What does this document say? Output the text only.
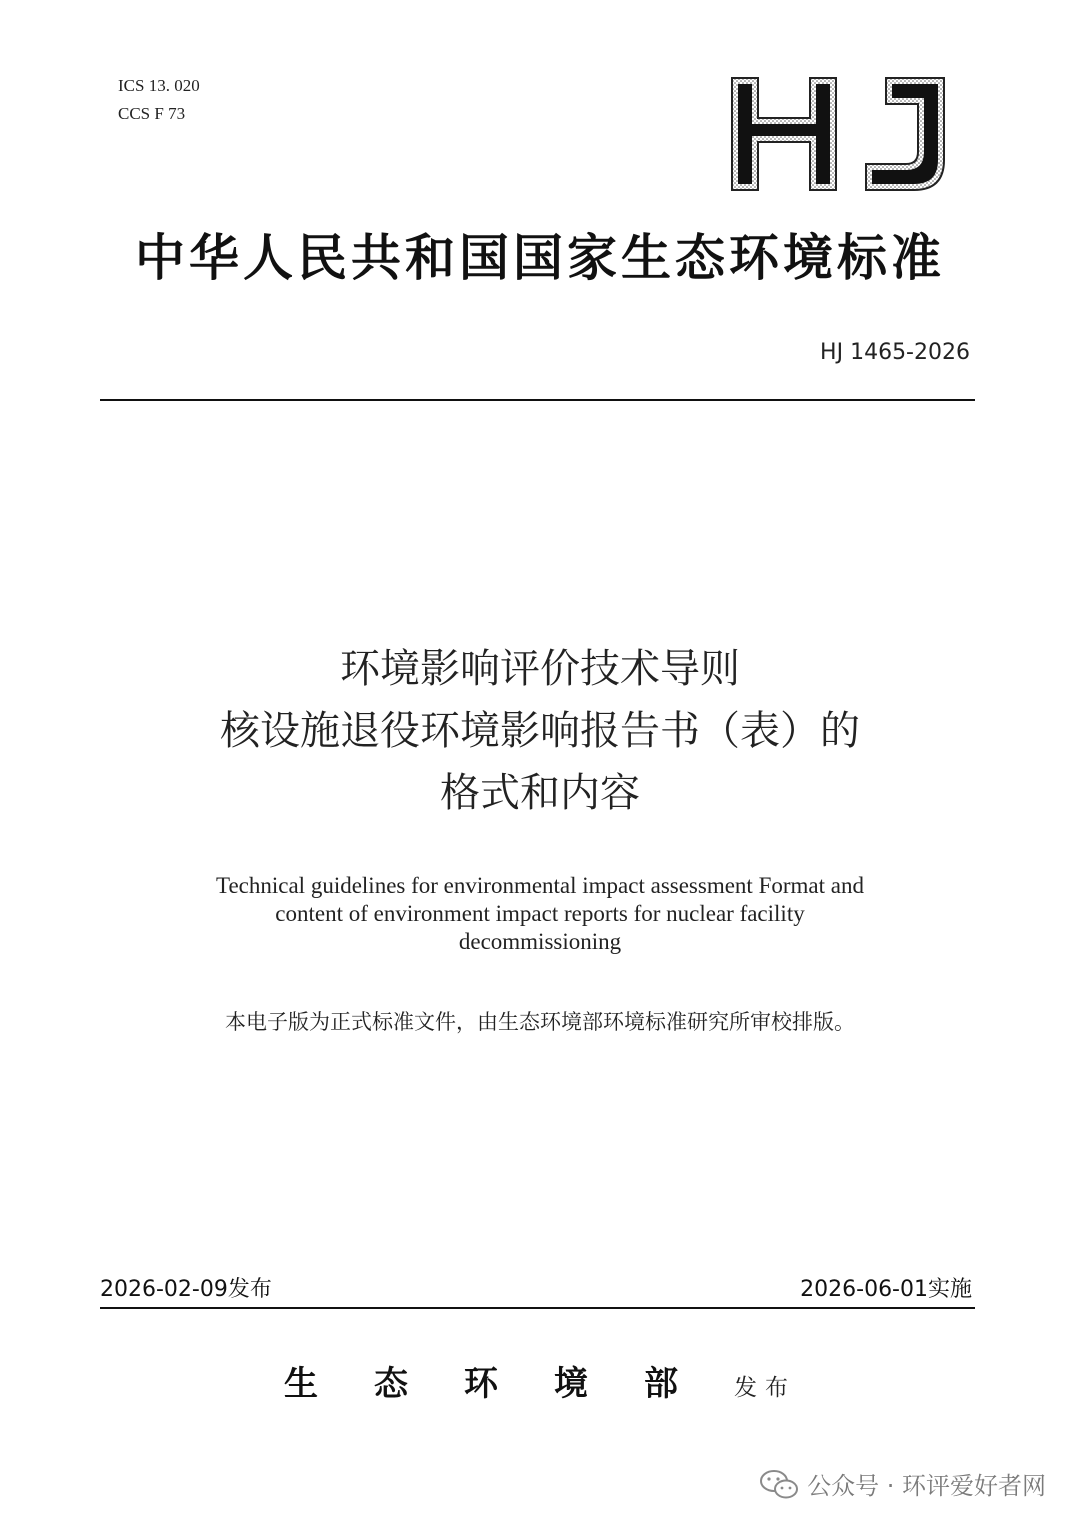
ICS 13. 020
CCS F 73
中华人民共和国国家生态环境标准
HJ 1465-2026
环境影响评价技术导则
核设施退役环境影响报告书（表）的
格式和内容
Technical guidelines for environmental impact assessment Format and
content of environment impact reports for nuclear facility
decommissioning
本电子版为正式标准文件，由生态环境部环境标准研究所审校排版。
2026-02-09发布	2026-06-01实施
生态环境部发布
公众号 · 环评爱好者网
